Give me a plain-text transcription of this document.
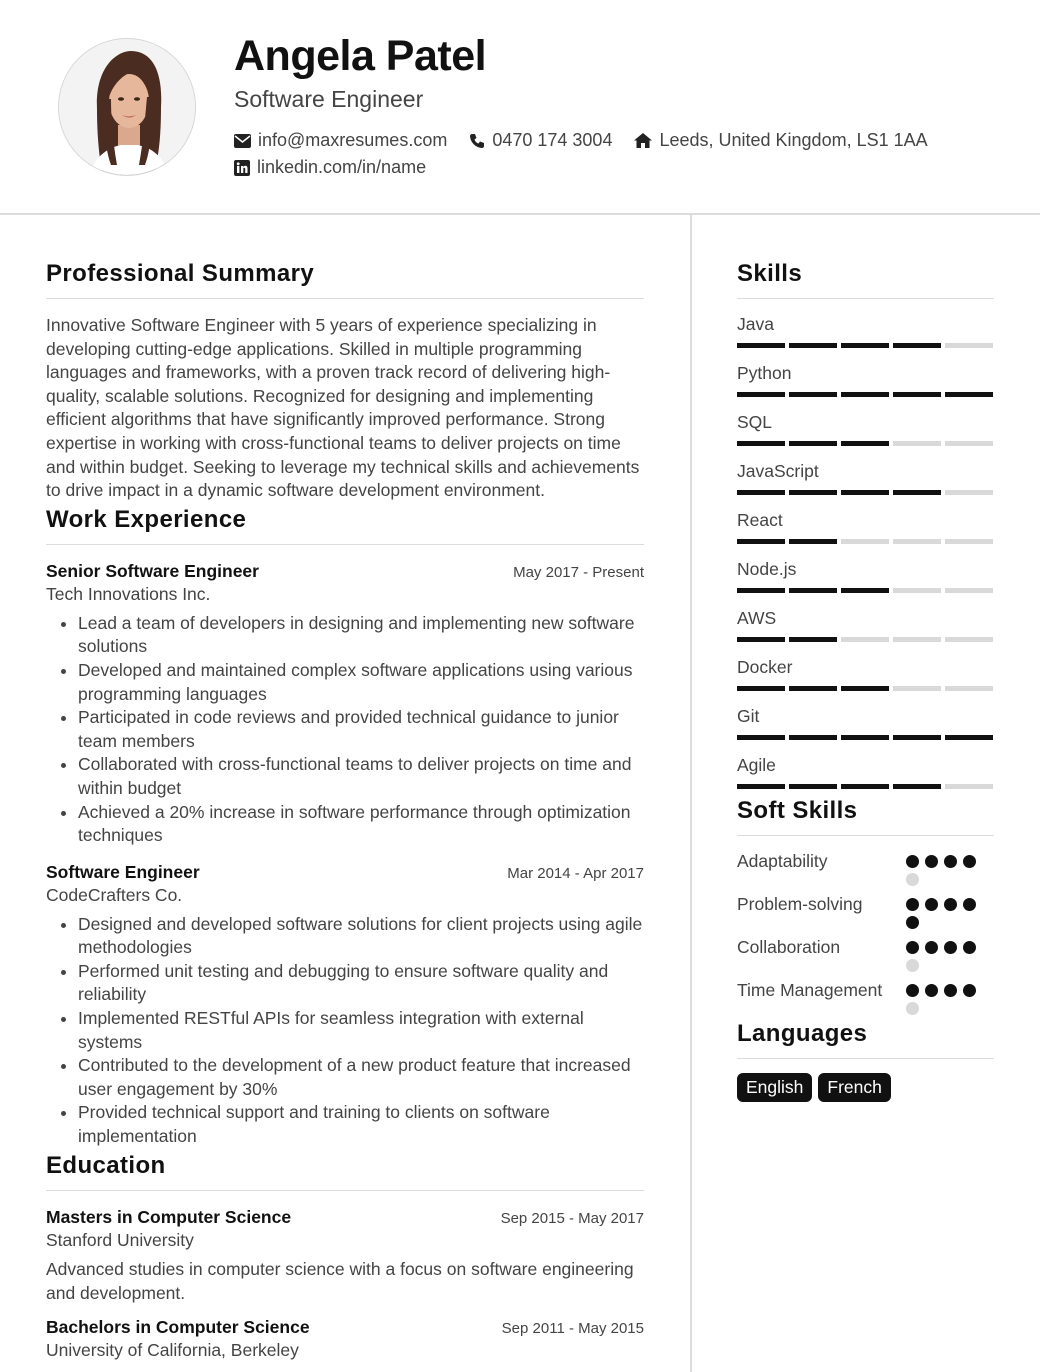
Angela Patel
Software Engineer
info@maxresumes.com	0470 174 3004	Leeds, United Kingdom, LS1 1AA
linkedin.com/in/name
Professional Summary

Innovative Software Engineer with 5 years of experience specializing in developing cutting-edge applications. Skilled in multiple programming languages and frameworks, with a proven track record of delivering high-quality, scalable solutions. Recognized for designing and implementing efficient algorithms that have significantly improved performance. Strong expertise in working with cross-functional teams to deliver projects on time and within budget. Seeking to leverage my technical skills and achievements to drive impact in a dynamic software development environment.

Work Experience
Senior Software Engineer	May 2017 - Present
Tech Innovations Inc.
• Lead a team of developers in designing and implementing new software solutions
• Developed and maintained complex software applications using various programming languages
• Participated in code reviews and provided technical guidance to junior team members
• Collaborated with cross-functional teams to deliver projects on time and within budget
• Achieved a 20% increase in software performance through optimization techniques
Software Engineer	Mar 2014 - Apr 2017
CodeCrafters Co.
• Designed and developed software solutions for client projects using agile methodologies
• Performed unit testing and debugging to ensure software quality and reliability
• Implemented RESTful APIs for seamless integration with external systems
• Contributed to the development of a new product feature that increased user engagement by 30%
• Provided technical support and training to clients on software implementation
Education
Masters in Computer Science	Sep 2015 - May 2017
Stanford University

Advanced studies in computer science with a focus on software engineering and development.

Bachelors in Computer Science	Sep 2011 - May 2015
University of California, Berkeley
Skills
Java
Python
SQL
JavaScript
React
Node.js
AWS
Docker
Git
Agile
Soft Skills
Adaptability
Problem-solving
Collaboration
Time Management
Languages
English	French
